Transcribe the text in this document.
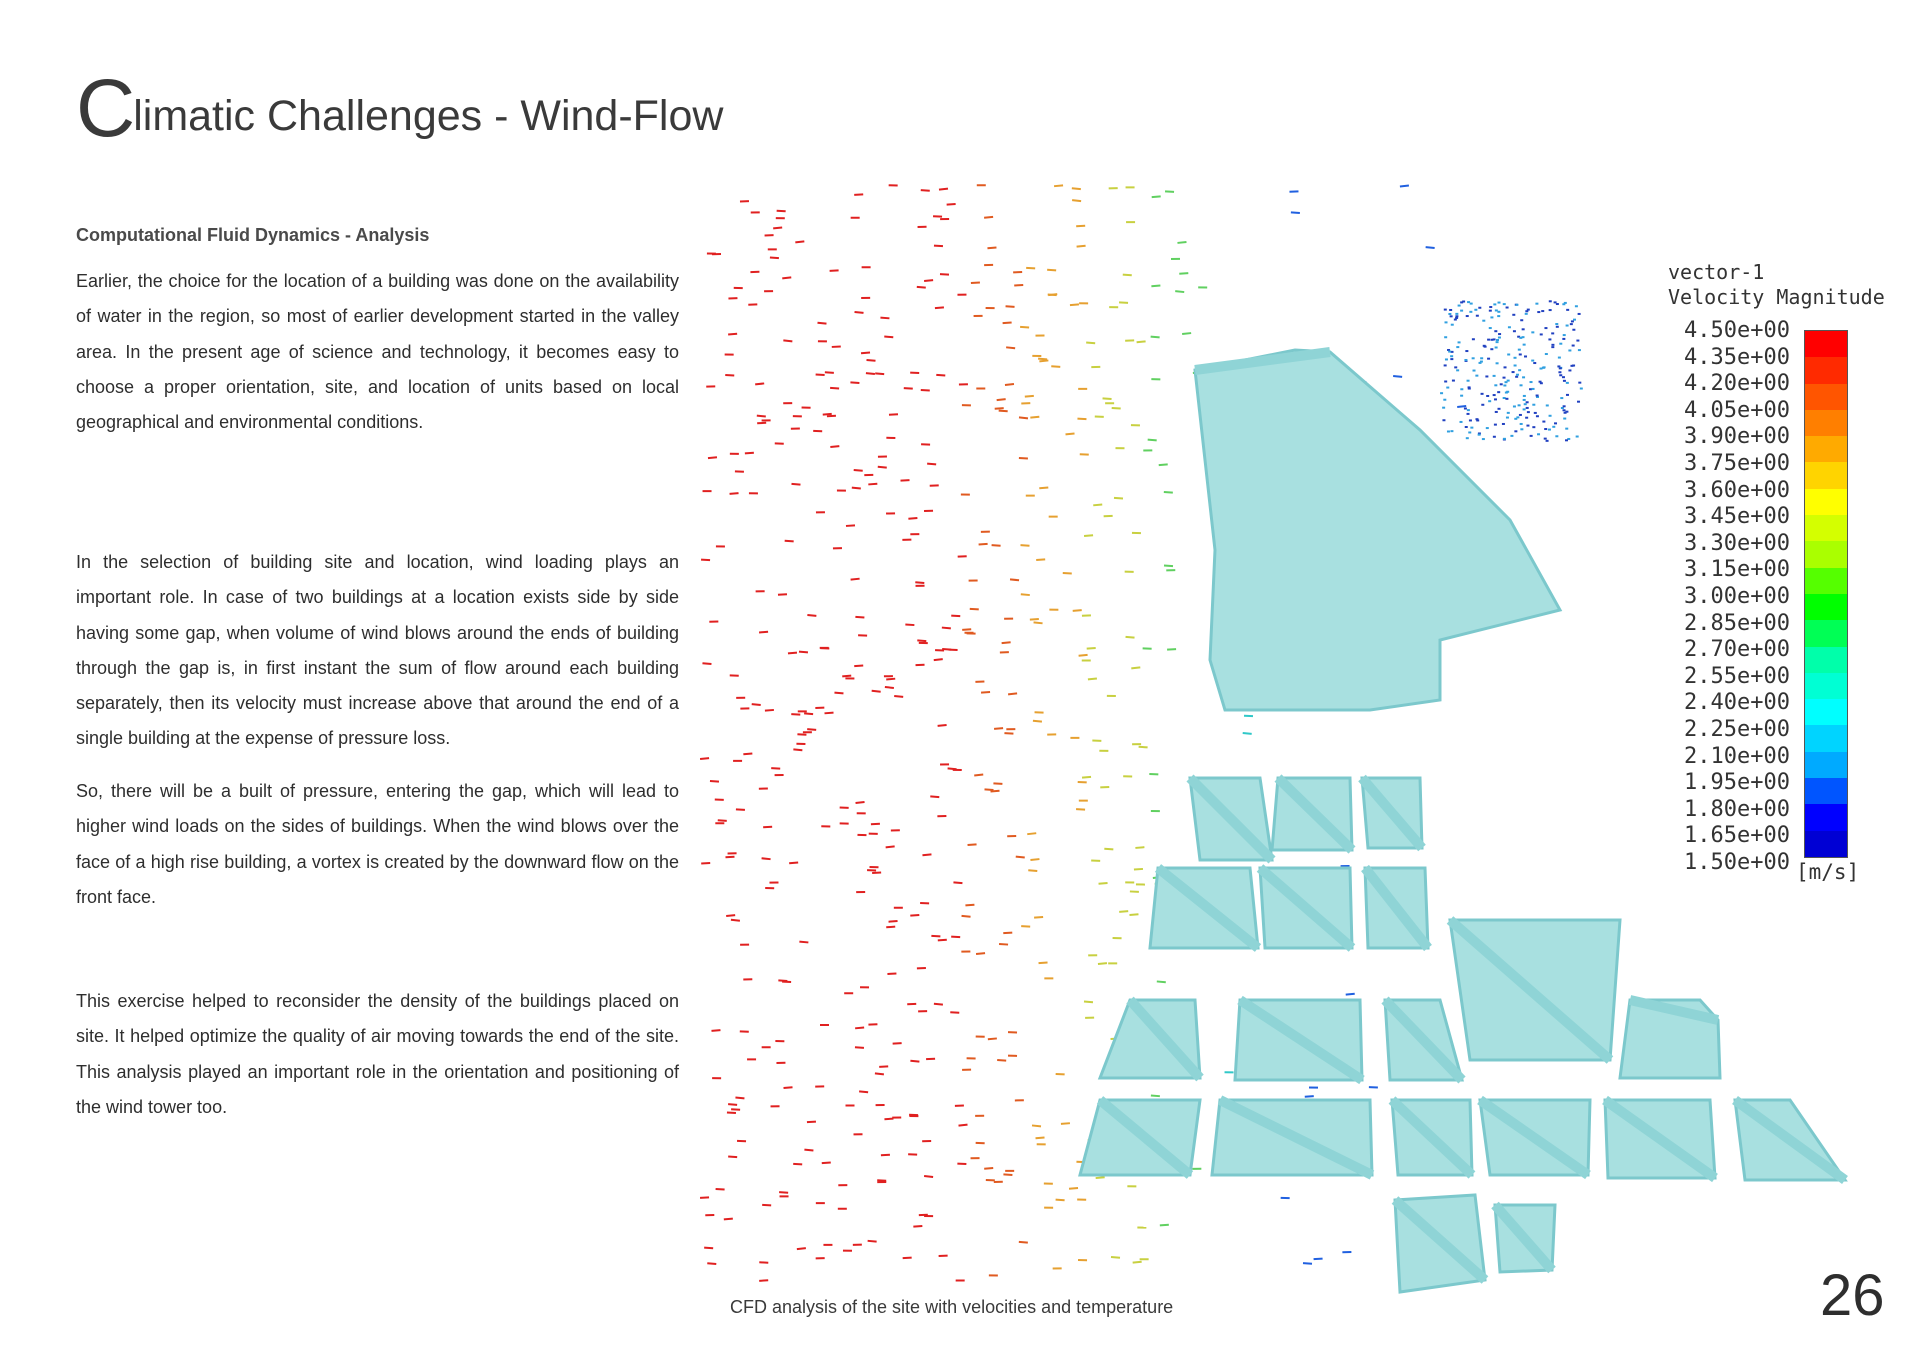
Climatic Challenges - Wind-Flow
Computational Fluid Dynamics - Analysis

Earlier, the choice for the location of a building was done on the availability of water in the region, so most of earlier development started in the valley area. In the present age of science and technology, it becomes easy to choose a proper orientation, site, and location of units based on local geographical and environmental conditions.

In the selection of building site and location, wind loading plays an important role. In case of two buildings at a location exists side by side having some gap, when volume of wind blows around the ends of building through the gap is, in first instant the sum of flow around each building separately, then its velocity must increase above that around the end of a single building at the expense of pressure loss.

So, there will be a built of pressure, entering the gap, which will lead to higher wind loads on the sides of buildings. When the wind blows over the face of a high rise building, a vortex is created by the downward flow on the front face.

This exercise helped to reconsider the density of the buildings placed on site. It helped optimize the quality of air moving towards the end of the site. This analysis played an important role in the orientation and positioning of the wind tower too.

vector-1
Velocity Magnitude
4.50e+00
4.35e+00
4.20e+00
4.05e+00
3.90e+00
3.75e+00
3.60e+00
3.45e+00
3.30e+00
3.15e+00
3.00e+00
2.85e+00
2.70e+00
2.55e+00
2.40e+00
2.25e+00
2.10e+00
1.95e+00
1.80e+00
1.65e+00
1.50e+00 [m/s]
CFD analysis of the site with velocities and temperature	26
